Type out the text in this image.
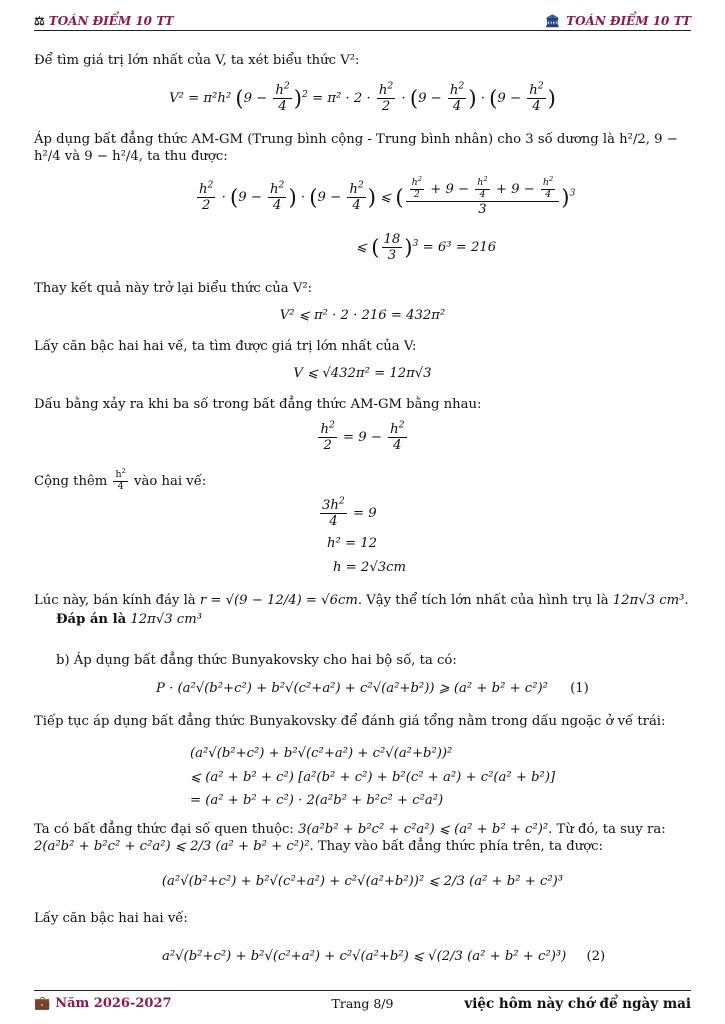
⚖ TOÁN ĐIỂM 10 TT	🏛 TOÁN ĐIỂM 10 TT
Để tìm giá trị lớn nhất của V, ta xét biểu thức V²:
V² = π²h² $(9 - \frac{h^2}{4} )^2 = \pi^2 \cdot 2 \cdot \frac{h^2}{2} \cdot (9 - \frac{h^2}{4}$ ) · ($9 - \frac{h^2}{4}$ )
Áp dụng bất đẳng thức AM-GM (Trung bình cộng - Trung bình nhân) cho 3 số dương là h²/2, 9 − h²/4 và 9 − h²/4, ta thu được:
$\frac{h^2}{2} \cdot (9 - \frac{h^2}{4}$ ) · ($9 - \frac{h^2}{4}$ ) ⩽ ( $\frac{\frac{h^2}{2} + 9 - \frac{h^2}{4} + 9 - \frac{h^2}{4}}{3} )^3$
⩽ ( $\frac{18}{3} )^3 = 6^3 = 216$
Thay kết quả này trở lại biểu thức của V²:
V² ⩽ π² · 2 · 216 = 432π²
Lấy căn bậc hai hai vế, ta tìm được giá trị lớn nhất của V:
V ⩽ √432π² = 12π√3
Dấu bằng xảy ra khi ba số trong bất đẳng thức AM-GM bằng nhau:
$\frac{h^2}{2} = 9 - \frac{h^2}{4}$
Cộng thêm $\frac{h^2}{4}$ vào hai vế:
$\frac{3h^2}{4} = 9$
h² = 12
h = 2√3cm
Lúc này, bán kính đáy là r = √(9 − 12/4) = √6cm. Vậy thể tích lớn nhất của hình trụ là 12π√3 cm³.
Đáp án là 12π√3 cm³
b) Áp dụng bất đẳng thức Bunyakovsky cho hai bộ số, ta có:
P · (a²√(b²+c²) + b²√(c²+a²) + c²√(a²+b²)) ⩾ (a² + b² + c²)² (1)
Tiếp tục áp dụng bất đẳng thức Bunyakovsky để đánh giá tổng nằm trong dấu ngoặc ở vế trái:
(a²√(b²+c²) + b²√(c²+a²) + c²√(a²+b²))²
⩽ (a² + b² + c²) [a²(b² + c²) + b²(c² + a²) + c²(a² + b²)]
= (a² + b² + c²) · 2(a²b² + b²c² + c²a²)
Ta có bất đẳng thức đại số quen thuộc: 3(a²b² + b²c² + c²a²) ⩽ (a² + b² + c²)². Từ đó, ta suy ra: 2(a²b² + b²c² + c²a²) ⩽ 2/3 (a² + b² + c²)². Thay vào bất đẳng thức phía trên, ta được:
(a²√(b²+c²) + b²√(c²+a²) + c²√(a²+b²))² ⩽ 2/3 (a² + b² + c²)³
Lấy căn bậc hai hai vế:
a²√(b²+c²) + b²√(c²+a²) + c²√(a²+b²) ⩽ √(2/3 (a² + b² + c²)³) (2)
💼 Năm 2026-2027	Trang 8/9	việc hôm này chớ để ngày mai
